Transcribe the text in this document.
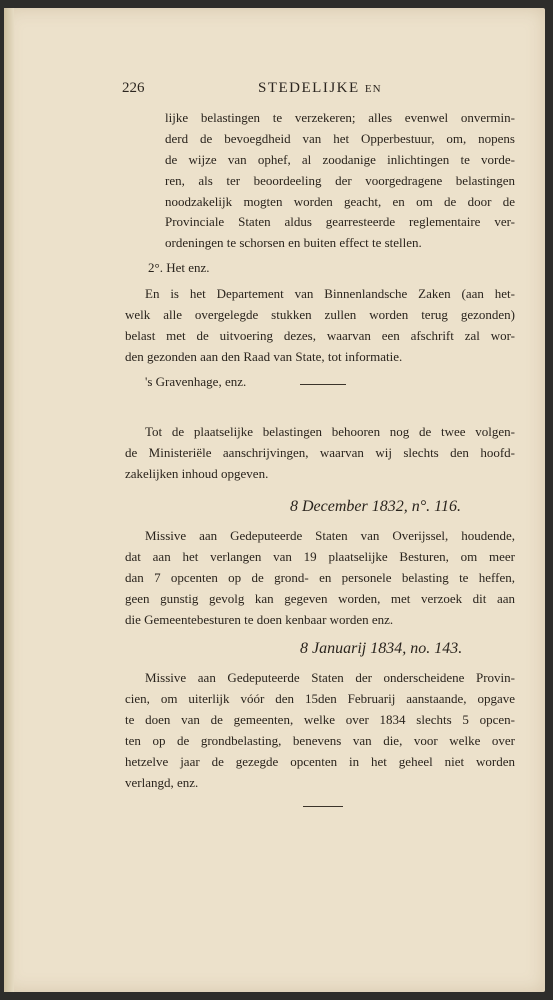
226	STEDELIJKE EN
lijke belastingen te verzekeren; alles evenwel onvermin-
derd de bevoegdheid van het Opperbestuur, om, nopens
de wijze van ophef, al zoodanige inlichtingen te vorde-
ren, als ter beoordeeling der voorgedragene belastingen
noodzakelijk mogten worden geacht, en om de door de
Provinciale Staten aldus gearresteerde reglementaire ver-
ordeningen te schorsen en buiten effect te stellen.
2°. Het enz.
En is het Departement van Binnenlandsche Zaken (aan het-
welk alle overgelegde stukken zullen worden terug gezonden)
belast met de uitvoering dezes, waarvan een afschrift zal wor-
den gezonden aan den Raad van State, tot informatie.
's Gravenhage, enz.
Tot de plaatselijke belastingen behooren nog de twee volgen-
de Ministeriële aanschrijvingen, waarvan wij slechts den hoofd-
zakelijken inhoud opgeven.
8 December 1832, n°. 116.
Missive aan Gedeputeerde Staten van Overijssel, houdende,
dat aan het verlangen van 19 plaatselijke Besturen, om meer
dan 7 opcenten op de grond- en personele belasting te heffen,
geen gunstig gevolg kan gegeven worden, met verzoek dit aan
die Gemeentebesturen te doen kenbaar worden enz.
8 Januarij 1834, no. 143.
Missive aan Gedeputeerde Staten der onderscheidene Provin-
cien, om uiterlijk vóór den 15den Februarij aanstaande, opgave
te doen van de gemeenten, welke over 1834 slechts 5 opcen-
ten op de grondbelasting, benevens van die, voor welke over
hetzelve jaar de gezegde opcenten in het geheel niet worden
verlangd, enz.
